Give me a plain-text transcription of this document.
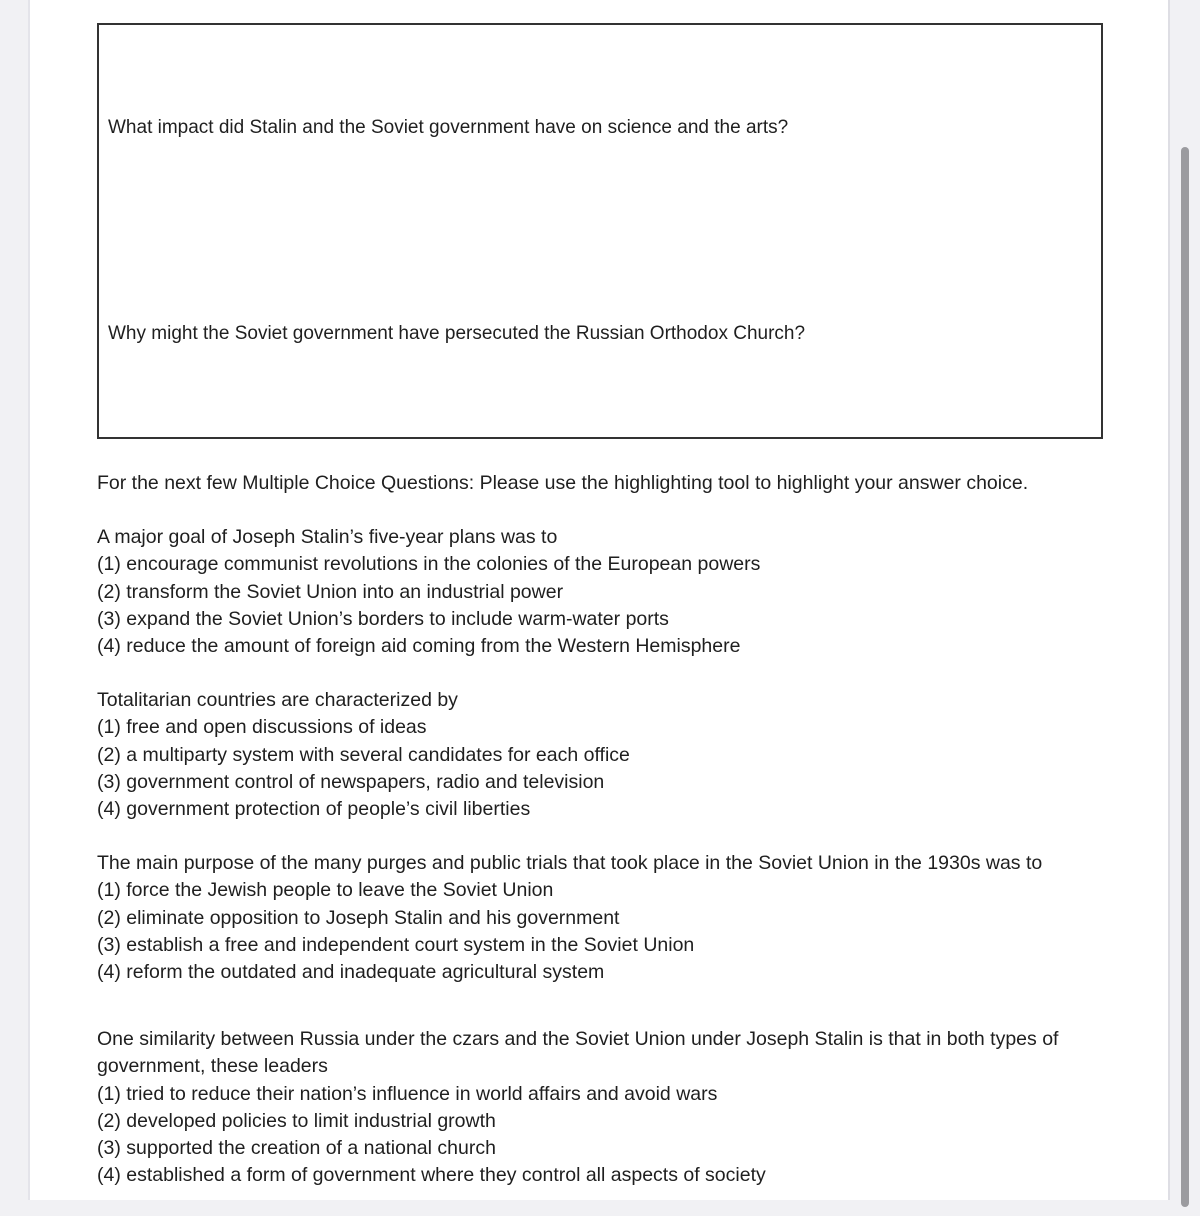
What impact did Stalin and the Soviet government have on science and the arts?
Why might the Soviet government have persecuted the Russian Orthodox Church?

For the next few Multiple Choice Questions: Please use the highlighting tool to highlight your answer choice.

A major goal of Joseph Stalin’s five-year plans was to

(1) encourage communist revolutions in the colonies of the European powers

(2) transform the Soviet Union into an industrial power

(3) expand the Soviet Union’s borders to include warm-water ports

(4) reduce the amount of foreign aid coming from the Western Hemisphere

Totalitarian countries are characterized by

(1) free and open discussions of ideas

(2) a multiparty system with several candidates for each office

(3) government control of newspapers, radio and television

(4) government protection of people’s civil liberties

The main purpose of the many purges and public trials that took place in the Soviet Union in the 1930s was to

(1) force the Jewish people to leave the Soviet Union

(2) eliminate opposition to Joseph Stalin and his government

(3) establish a free and independent court system in the Soviet Union

(4) reform the outdated and inadequate agricultural system

One similarity between Russia under the czars and the Soviet Union under Joseph Stalin is that in both types of government, these leaders

(1) tried to reduce their nation’s influence in world affairs and avoid wars

(2) developed policies to limit industrial growth

(3) supported the creation of a national church

(4) established a form of government where they control all aspects of society
